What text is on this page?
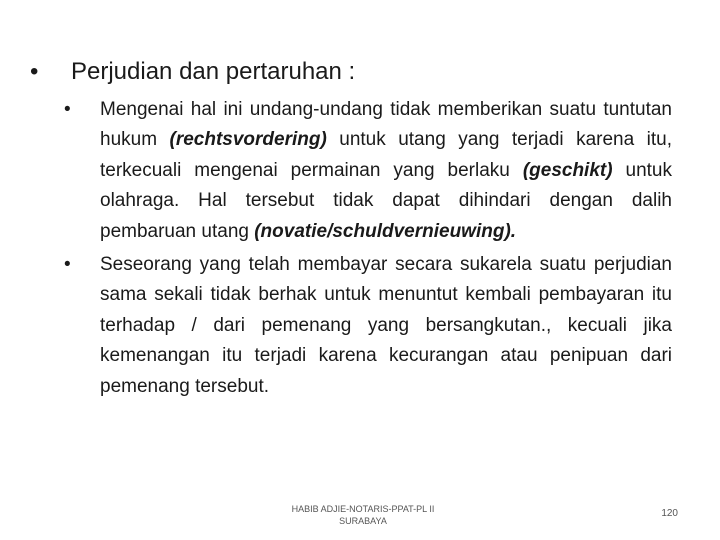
• Perjudian dan pertaruhan :
• Mengenai hal ini undang-undang tidak memberikan suatu tuntutan hukum (rechtsvordering) untuk utang yang terjadi karena itu, terkecuali mengenai permainan yang berlaku (geschikt) untuk olahraga. Hal tersebut tidak dapat dihindari dengan dalih pembaruan utang (novatie/schuldvernieuwing).
• Seseorang yang telah membayar secara sukarela suatu perjudian sama sekali tidak berhak untuk menuntut kembali pembayaran itu terhadap / dari pemenang yang bersangkutan., kecuali jika kemenangan itu terjadi karena kecurangan atau penipuan dari pemenang tersebut.
HABIB ADJIE-NOTARIS-PPAT-PL II
SURABAYA
120
